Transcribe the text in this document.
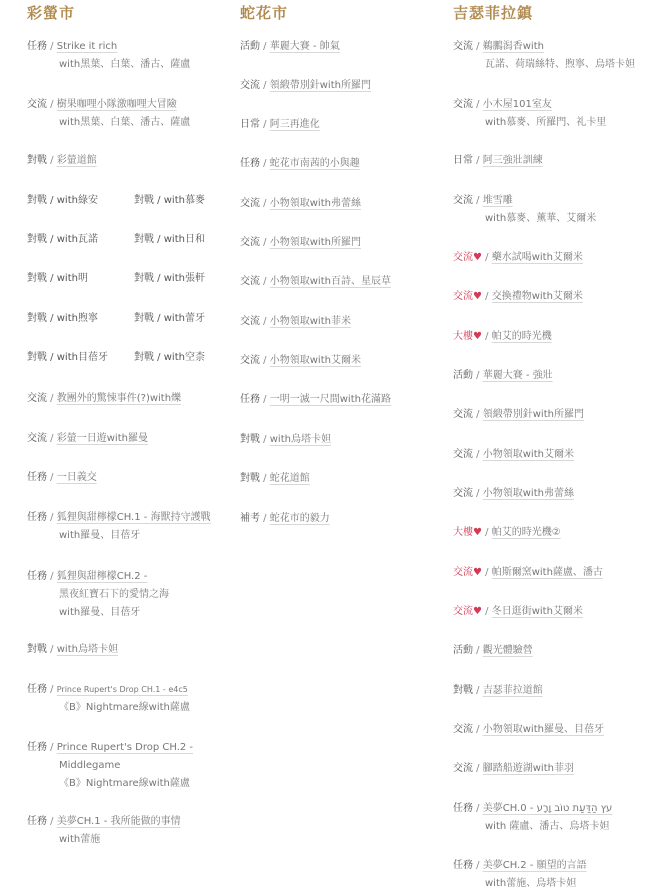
彩螢市
任務 / Strike it rich
with黑葉、白葉、潘古、薩盧
交流 / 樹果咖哩小隊激咖哩大冒險
with黑葉、白葉、潘古、薩盧
對戰 / 彩螢道館
對戰 / with綠安	對戰 / with慕麥
對戰 / with瓦諾	對戰 / with日和
對戰 / with明	對戰 / with張軒
對戰 / with煦寧	對戰 / with蕾牙
對戰 / with目蓓牙	對戰 / with空柰
交流 / 教團外的驚悚事件(?)with爍
交流 / 彩螢一日遊with羅曼
任務 / 一日義交
任務 / 狐狸與甜檸檬CH.1 - 海獸持守護戰
with羅曼、目蓓牙
任務 / 狐狸與甜檸檬CH.2 -
黑夜紅寶石下的愛情之海
with羅曼、目蓓牙
對戰 / with烏塔卡妲
任務 / Prince Rupert's Drop CH.1 - e4c5
《B》Nightmare線with薩盧
任務 / Prince Rupert's Drop CH.2 -
Middlegame
《B》Nightmare線with薩盧
任務 / 美夢CH.1 - 我所能做的事情
with蕾施
蛇花市
活動 / 華麗大賽 - 帥氣
交流 / 領緞帶別針with所羅門
日常 / 阿三再進化
任務 / 蛇花市南茜的小與趣
交流 / 小物領取with弗蕾絲
交流 / 小物領取with所羅門
交流 / 小物領取with百詩、星辰草
交流 / 小物領取with菲米
交流 / 小物領取with艾爾米
任務 / 一明一滅一尺間with花滿路
對戰 / with烏塔卡妲
對戰 / 蛇花道館
補考 / 蛇花市的毅力
吉瑟菲拉鎮
交流 / 鵜鵬潟香with
瓦諾、荷瑞絲特、煦寧、烏塔卡妲
交流 / 小木屋101室友
with慕麥、所羅門、礼卡里
日常 / 阿三強壯訓練
交流 / 堆雪雕
with慕麥、薰華、艾爾米
交流♥ / 藥水試喝with艾爾米
交流♥ / 交換禮物with艾爾米
大樓♥ / 帕艾的時光機
活動 / 華麗大賽 - 強壯
交流 / 領緞帶別針with所羅門
交流 / 小物領取with艾爾米
交流 / 小物領取with弗蕾絲
大樓♥ / 帕艾的時光機②
交流♥ / 帕斯爾窯with薩盧、潘古
交流♥ / 冬日逛街with艾爾米
活動 / 觀光體驗營
對戰 / 吉瑟菲拉道館
交流 / 小物領取with羅曼、目蓓牙
交流 / 腳踏船遊湖with菲羽
任務 / 美夢CH.0 - עץ הַדַּעַת טוֹב וָרָע
with 薩盧、潘古、烏塔卡妲
任務 / 美夢CH.2 - 願望的言語
with蕾施、烏塔卡妲
